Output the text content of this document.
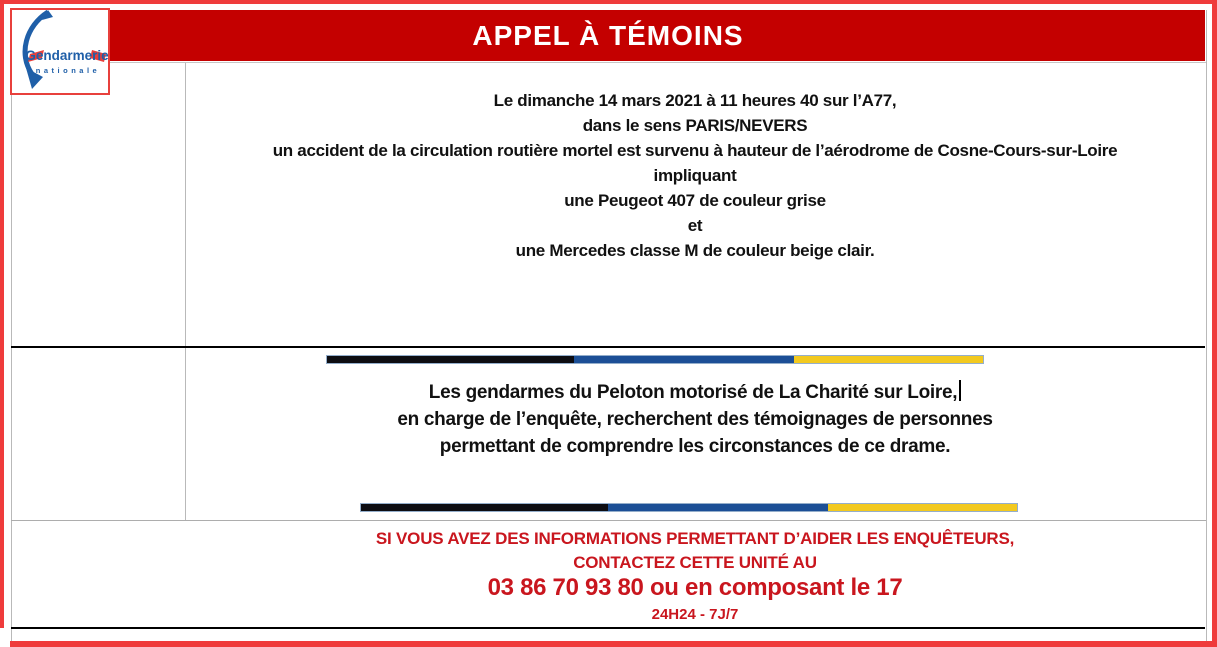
APPEL À TÉMOINS
Gendarmerie
nationale

Le dimanche 14 mars 2021 à 11 heures 40 sur l’A77,

dans le sens PARIS/NEVERS

un accident de la circulation routière mortel est survenu à hauteur de l’aérodrome de Cosne-Cours-sur-Loire

impliquant

une Peugeot 407 de couleur grise

et

une Mercedes classe M de couleur beige clair.

Les gendarmes du Peloton motorisé de La Charité sur Loire,

en charge de l’enquête, recherchent des témoignages de personnes

permettant de comprendre les circonstances de ce drame.

SI VOUS AVEZ DES INFORMATIONS PERMETTANT D’AIDER LES ENQUÊTEURS,

CONTACTEZ CETTE UNITÉ AU

03 86 70 93 80 ou en composant le 17

24H24 - 7J/7
